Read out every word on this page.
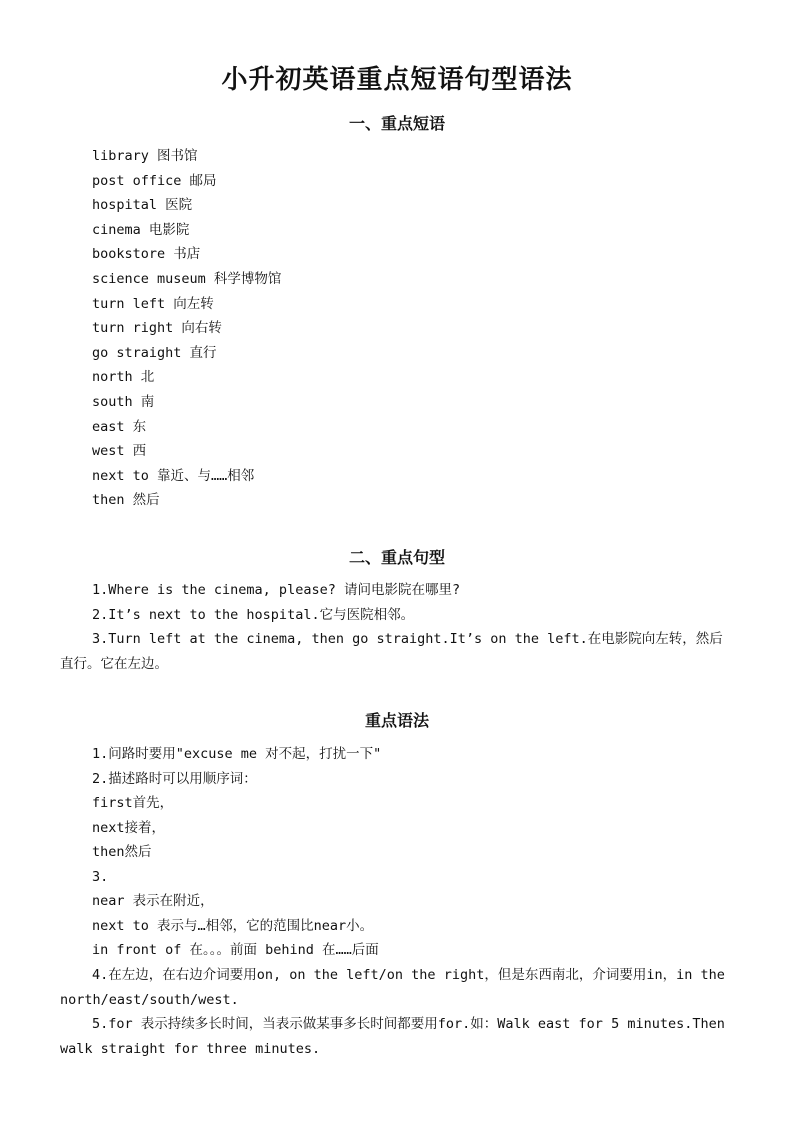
小升初英语重点短语句型语法
一、重点短语
library 图书馆
post office 邮局
hospital 医院
cinema 电影院
bookstore 书店
science museum 科学博物馆
turn left 向左转
turn right 向右转
go straight 直行
north 北
south 南
east 东
west 西
next to 靠近、与……相邻
then 然后
二、重点句型

1.Where is the cinema, please? 请问电影院在哪里?

2.It’s next to the hospital.它与医院相邻。

3.Turn left at the cinema, then go straight.It’s on the left.在电影院向左转，然后直行。它在左边。

重点语法

1.问路时要用"excuse me 对不起，打扰一下"

2.描述路时可以用顺序词：

first首先，

next接着，

then然后

3.

near 表示在附近，

next to 表示与…相邻，它的范围比near小。

in front of 在。。。前面 behind 在……后面

4.在左边，在右边介词要用on, on the left/on the right，但是东西南北，介词要用in，in the north/east/south/west.

5.for 表示持续多长时间，当表示做某事多长时间都要用for.如：Walk east for 5 minutes.Then walk straight for three minutes.
